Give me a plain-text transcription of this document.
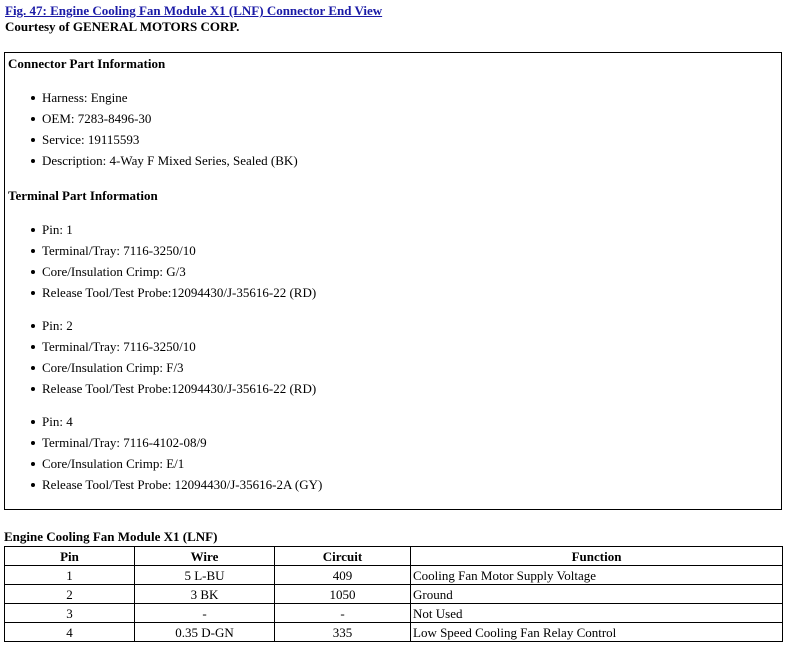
Fig. 47: Engine Cooling Fan Module X1 (LNF) Connector End View
Courtesy of GENERAL MOTORS CORP.
Connector Part Information
Harness: Engine
OEM: 7283-8496-30
Service: 19115593
Description: 4-Way F Mixed Series, Sealed (BK)
Terminal Part Information
Pin: 1
Terminal/Tray: 7116-3250/10
Core/Insulation Crimp: G/3
Release Tool/Test Probe:12094430/J-35616-22 (RD)
Pin: 2
Terminal/Tray: 7116-3250/10
Core/Insulation Crimp: F/3
Release Tool/Test Probe:12094430/J-35616-22 (RD)
Pin: 4
Terminal/Tray: 7116-4102-08/9
Core/Insulation Crimp: E/1
Release Tool/Test Probe: 12094430/J-35616-2A (GY)
Engine Cooling Fan Module X1 (LNF)
Pin	Wire	Circuit	Function
1	5 L-BU	409	Cooling Fan Motor Supply Voltage
2	3 BK	1050	Ground
3	-	-	Not Used
4	0.35 D-GN	335	Low Speed Cooling Fan Relay Control
